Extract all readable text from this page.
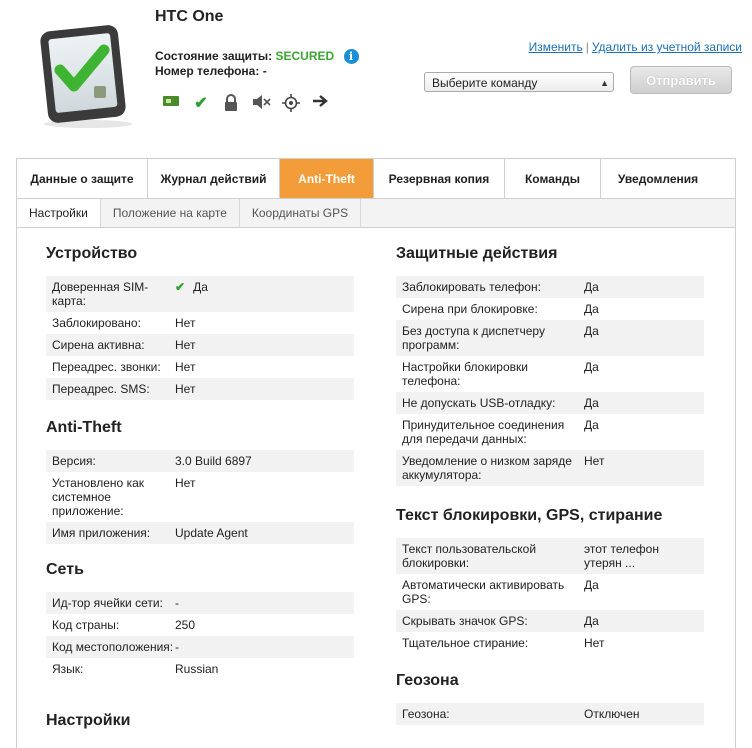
HTC One
Состояние защиты: SECURED i
Номер телефона: -
✔
Изменить | Удалить из учетной записи
Выберите команду	▲	Отправить
Данные о защите	Журнал действий	Anti-Theft	Резервная копия	Команды	Уведомления
Настройки	Положение на карте	Координаты GPS
Устройство
Доверенная SIM-карта:
✔ Да
Заблокировано:	Нет
Сирена активна:	Нет
Переадрес. звонки:	Нет
Переадрес. SMS:	Нет
Anti-Theft
Версия:	3.0 Build 6897
Установлено как системное приложение:
Нет
Имя приложения:	Update Agent
Сеть
Ид-тор ячейки сети:	-
Код страны:	250
Код местоположения: -
Язык:	Russian
Настройки
Защитные действия
Заблокировать телефон:	Да
Сирена при блокировке:	Да
Без доступа к диспетчеру программ:
Да
Настройки блокировки телефона:
Да
Не допускать USB-отладку:	Да
Принудительное соединения для передачи данных:
Да
Уведомление о низком заряде аккумулятора:
Нет
Текст блокировки, GPS, стирание
Текст пользовательской блокировки:
этот телефон утерян ...
Автоматически активировать GPS:
Да
Скрывать значок GPS:	Да
Тщательное стирание:	Нет
Геозона
Геозона:	Отключен
